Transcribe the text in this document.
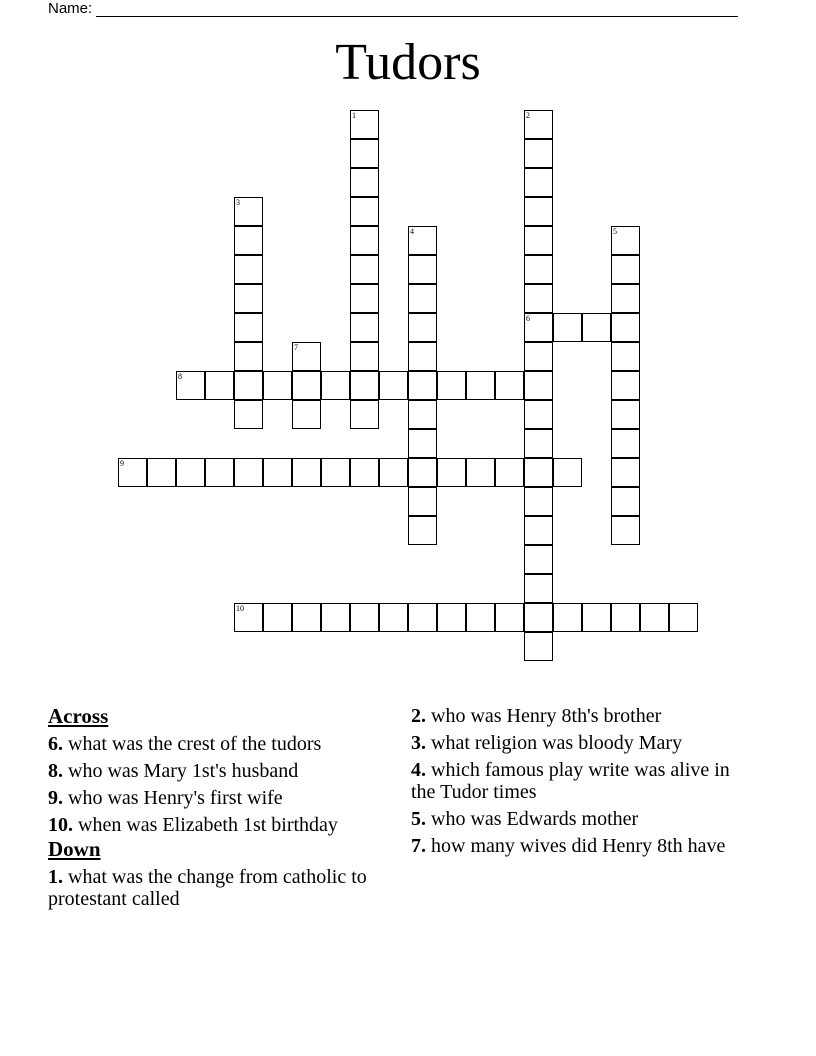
Name:
Tudors
1	2
6
3
4	5
7
8
9
10
Across
6. what was the crest of the tudors
8. who was Mary 1st's husband
9. who was Henry's first wife
10. when was Elizabeth 1st birthday
Down
1. what was the change from catholic to protestant called
2. who was Henry 8th's brother
3. what religion was bloody Mary
4. which famous play write was alive in the Tudor times
5. who was Edwards mother
7. how many wives did Henry 8th have
